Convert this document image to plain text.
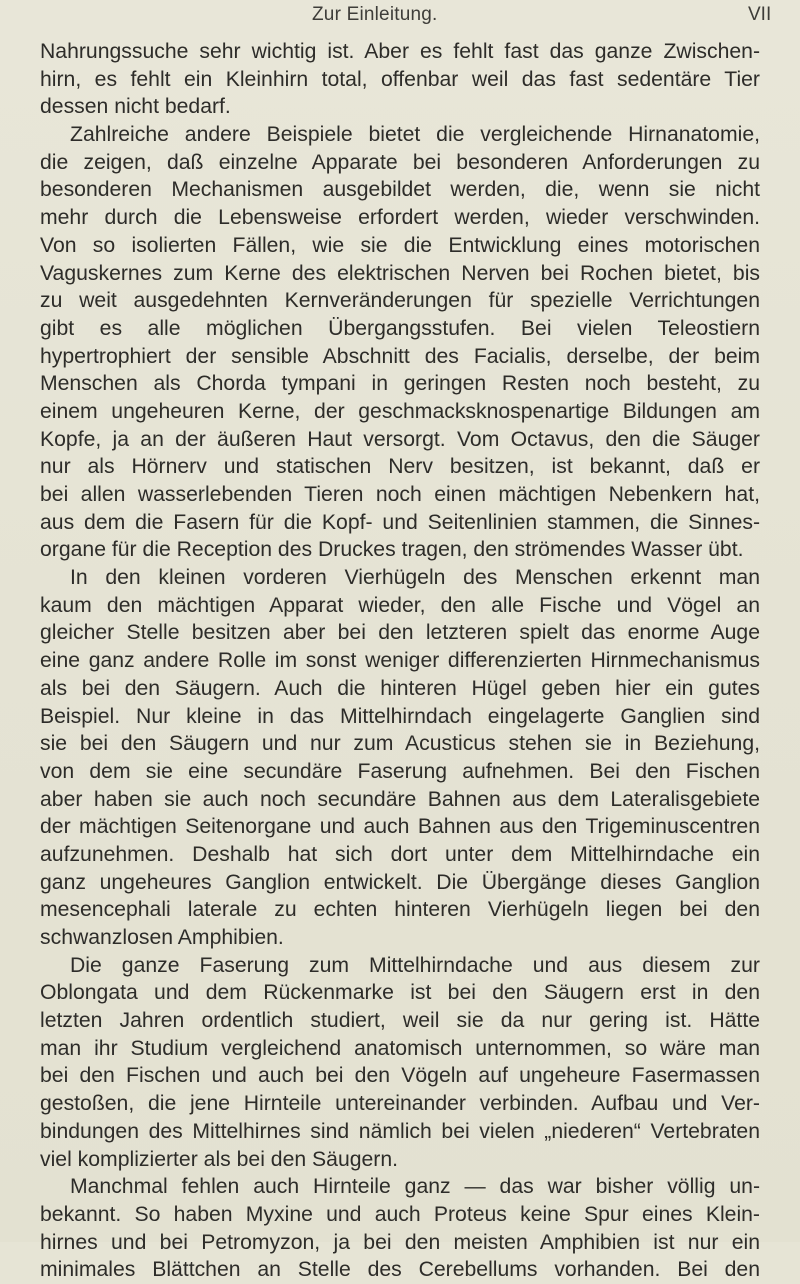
Zur Einleitung.	VII
Nahrungssuche sehr wichtig ist. Aber es fehlt fast das ganze Zwischen-
hirn, es fehlt ein Kleinhirn total, offenbar weil das fast sedentäre Tier
dessen nicht bedarf.
Zahlreiche andere Beispiele bietet die vergleichende Hirnanatomie,
die zeigen, daß einzelne Apparate bei besonderen Anforderungen zu
besonderen Mechanismen ausgebildet werden, die, wenn sie nicht
mehr durch die Lebensweise erfordert werden, wieder verschwinden.
Von so isolierten Fällen, wie sie die Entwicklung eines motorischen
Vaguskernes zum Kerne des elektrischen Nerven bei Rochen bietet, bis
zu weit ausgedehnten Kernveränderungen für spezielle Verrichtungen
gibt es alle möglichen Übergangsstufen. Bei vielen Teleostiern
hypertrophiert der sensible Abschnitt des Facialis, derselbe, der beim
Menschen als Chorda tympani in geringen Resten noch besteht, zu
einem ungeheuren Kerne, der geschmacksknospenartige Bildungen am
Kopfe, ja an der äußeren Haut versorgt. Vom Octavus, den die Säuger
nur als Hörnerv und statischen Nerv besitzen, ist bekannt, daß er
bei allen wasserlebenden Tieren noch einen mächtigen Nebenkern hat,
aus dem die Fasern für die Kopf- und Seitenlinien stammen, die Sinnes-
organe für die Reception des Druckes tragen, den strömendes Wasser übt.
In den kleinen vorderen Vierhügeln des Menschen erkennt man
kaum den mächtigen Apparat wieder, den alle Fische und Vögel an
gleicher Stelle besitzen aber bei den letzteren spielt das enorme Auge
eine ganz andere Rolle im sonst weniger differenzierten Hirnmechanismus
als bei den Säugern. Auch die hinteren Hügel geben hier ein gutes
Beispiel. Nur kleine in das Mittelhirndach eingelagerte Ganglien sind
sie bei den Säugern und nur zum Acusticus stehen sie in Beziehung,
von dem sie eine secundäre Faserung aufnehmen. Bei den Fischen
aber haben sie auch noch secundäre Bahnen aus dem Lateralisgebiete
der mächtigen Seitenorgane und auch Bahnen aus den Trigeminuscentren
aufzunehmen. Deshalb hat sich dort unter dem Mittelhirndache ein
ganz ungeheures Ganglion entwickelt. Die Übergänge dieses Ganglion
mesencephali laterale zu echten hinteren Vierhügeln liegen bei den
schwanzlosen Amphibien.
Die ganze Faserung zum Mittelhirndache und aus diesem zur
Oblongata und dem Rückenmarke ist bei den Säugern erst in den
letzten Jahren ordentlich studiert, weil sie da nur gering ist. Hätte
man ihr Studium vergleichend anatomisch unternommen, so wäre man
bei den Fischen und auch bei den Vögeln auf ungeheure Fasermassen
gestoßen, die jene Hirnteile untereinander verbinden. Aufbau und Ver-
bindungen des Mittelhirnes sind nämlich bei vielen „niederen“ Vertebraten
viel komplizierter als bei den Säugern.
Manchmal fehlen auch Hirnteile ganz — das war bisher völlig un-
bekannt. So haben Myxine und auch Proteus keine Spur eines Klein-
hirnes und bei Petromyzon, ja bei den meisten Amphibien ist nur ein
minimales Blättchen an Stelle des Cerebellums vorhanden. Bei den
